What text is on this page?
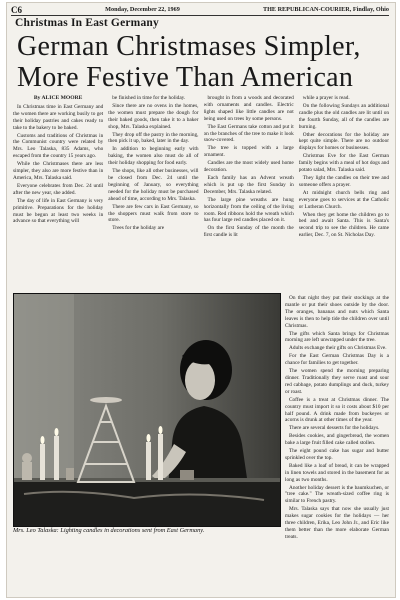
C6	Monday, December 22, 1969	THE REPUBLICAN-COURIER, Findlay, Ohio
Christmas In East Germany
German Christmases Simpler,
More Festive Than American
By ALICE MOORE

In Christmas time in East Germany and the women there are working busily to get their holiday pastries and cakes ready to take to the bakery to be baked.

Customs and traditions of Christmas in the Communist country were related by Mrs. Leo Talaska, 835 Adams, who escaped from the country 15 years ago.

While the Christmases there are less simpler, they also are more festive than in America, Mrs. Talaska said.

Everyone celebrates from Dec. 24 until after the new year, she added.

The day of life in East Germany is very primitive. Preparations for the holiday must be begun at least two weeks in advance so that everything will

be finished in time for the holiday.

Since there are no ovens in the homes, the women must prepare the dough for their baked goods, then take it to a baker shop, Mrs. Talaska explained.

They drop off the pastry in the morning, then pick it up, baked, later in the day.

In addition to beginning early with baking, the women also must do all of their holiday shopping for food early.

The shops, like all other businesses, will be closed from Dec. 24 until the beginning of January, so everything needed for the holiday must be purchased ahead of time, according to Mrs. Talaska.

There are few cars in East Germany, so the shoppers must walk from store to store.

Trees for the holiday are

brought in from a woods and decorated with ornaments and candles. Electric lights shaped like little candles are not being used on trees by some persons.

The East Germans take cotton and put it on the branches of the tree to make it look snow-covered.

The tree is topped with a large ornament.

Candles are the most widely used home decoration.

Each family has an Advent wreath which is put up the first Sunday in December, Mrs. Talaska related.

The large pine wreaths are hung horizontally from the ceiling of the living room. Red ribbons hold the wreath which has four large red candles placed on it.

On the first Sunday of the month the first candle is lit

while a prayer is read.

On the following Sundays an additional candle plus the old candles are lit until on the fourth Sunday, all of the candles are burning.

Other decorations for the holiday are kept quite simple. There are no outdoor displays for homes or businesses.

Christmas Eve for the East German family begins with a meal of hot dogs and potato salad, Mrs. Talaska said.

They light the candles on their tree and someone offers a prayer.

At midnight church bells ring and everyone goes to services at the Catholic or Lutheran Church.

When they get home the children go to bed and await Santa. This is Santa's second trip to see the children. He came earlier, Dec. 7, on St. Nicholas Day.

Mrs. Leo Talaska: Lighting candles in decorations sent from East Germany.

On that night they put their stockings at the mantle or put their shoes outside by the door. The oranges, bananas and nuts which Santa leaves is then to help tide the children over until Christmas.

The gifts which Santa brings for Christmas morning are left unwrapped under the tree.

Adults exchange their gifts on Christmas Eve.

For the East German Christmas Day is a chance for families to get together.

The women spend the morning preparing dinner. Traditionally they serve roast and sour red cabbage, potato dumplings and duck, turkey or roast.

Coffee is a treat at Christmas dinner. The country must import it so it costs about $10 per half pound. A drink made from buckeyes or acorns is drunk at other times of the year.

There are several desserts for the holidays.

Besides cookies, and gingerbread, the women bake a large fruit filled cake called stollen.

The eight pound cake has sugar and butter sprinkled over the top.

Baked like a loaf of bread, it can be wrapped in linen towels and stored in the basement for as long as two months.

Another holiday dessert is the baumkuchen, or "tree cake." The wreath-sized coffee ring is similar to French pastry.

Mrs. Talaska says that now she usually just makes sugar cookies for the holidays — her three children, Erika, Leo John Jr., and Eric like them better than the more elaborate German treats.
